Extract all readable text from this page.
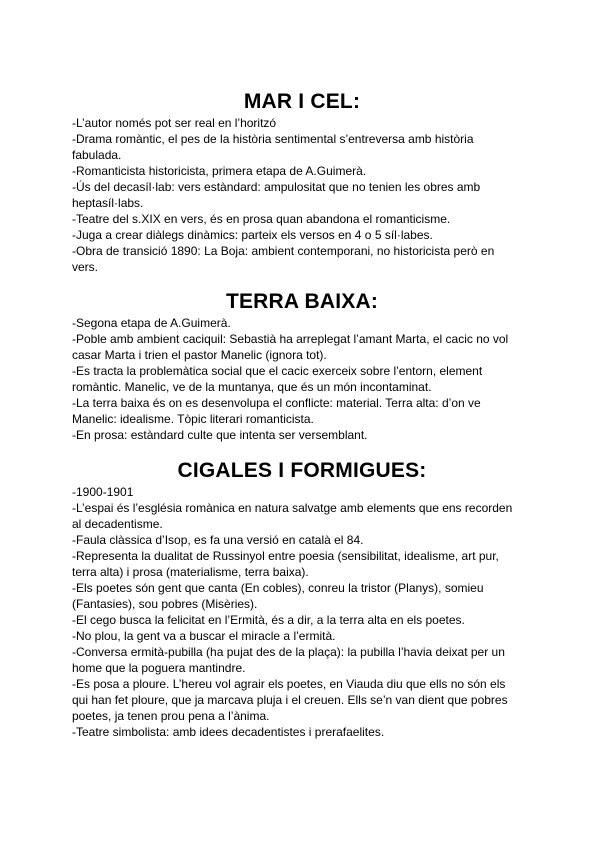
MAR I CEL:
-L’autor només pot ser real en l’horitzó
-Drama romàntic, el pes de la història sentimental s’entreversa amb història
fabulada.
-Romanticista historicista, primera etapa de A.Guimerà.
-Ús del decasíl·lab: vers estàndard: ampulositat que no tenien les obres amb
heptasíl·labs.
-Teatre del s.XIX en vers, és en prosa quan abandona el romanticisme.
-Juga a crear diàlegs dinàmics: parteix els versos en 4 o 5 síl·labes.
-Obra de transició 1890: La Boja: ambient contemporani, no historicista però en
vers.
TERRA BAIXA:
-Segona etapa de A.Guimerà.
-Poble amb ambient caciquil: Sebastià ha arreplegat l’amant Marta, el cacic no vol
casar Marta i trien el pastor Manelic (ignora tot).
-Es tracta la problemàtica social que el cacic exerceix sobre l’entorn, element
romàntic. Manelic, ve de la muntanya, que és un món incontaminat.
-La terra baixa és on es desenvolupa el conflicte: material. Terra alta: d’on ve
Manelic: idealisme. Tòpic literari romanticista.
-En prosa: estàndard culte que intenta ser versemblant.
CIGALES I FORMIGUES:
-1900-1901
-L’espai és l’església romànica en natura salvatge amb elements que ens recorden
al decadentisme.
-Faula clàssica d’Isop, es fa una versió en català el 84.
-Representa la dualitat de Russinyol entre poesia (sensibilitat, idealisme, art pur,
terra alta) i prosa (materialisme, terra baixa).
-Els poetes són gent que canta (En cobles), conreu la tristor (Planys), somieu
(Fantasies), sou pobres (Misèries).
-El cego busca la felicitat en l’Ermità, és a dir, a la terra alta en els poetes.
-No plou, la gent va a buscar el miracle a l’ermità.
-Conversa ermità-pubilla (ha pujat des de la plaça): la pubilla l’havia deixat per un
home que la poguera mantindre.
-Es posa a ploure. L’hereu vol agrair els poetes, en Viauda diu que ells no són els
qui han fet ploure, que ja marcava pluja i el creuen. Ells se’n van dient que pobres
poetes, ja tenen prou pena a l’ànima.
-Teatre simbolista: amb idees decadentistes i prerafaelites.
